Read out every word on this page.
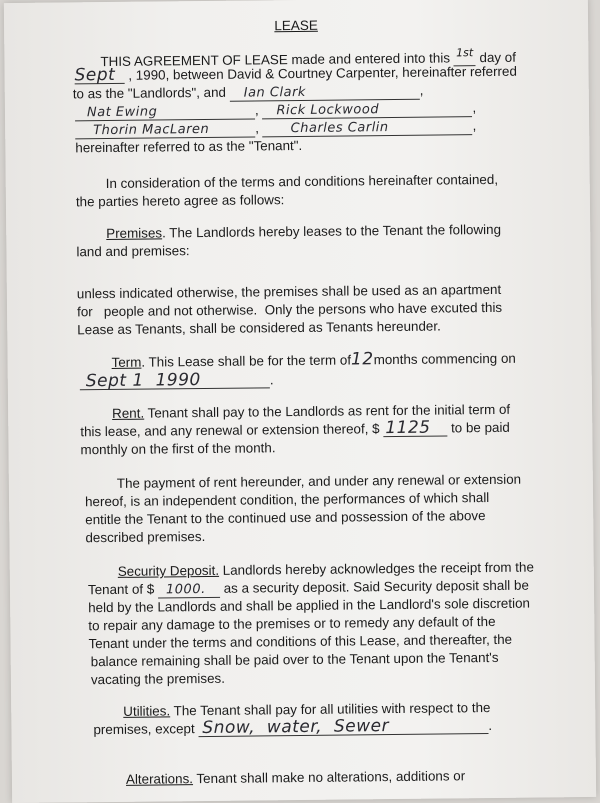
LEASE
THIS AGREEMENT OF LEASE made and entered into this $^{1st}$ day of
Sept , 1990, between David & Courtney Carpenter, hereinafter referred
to as the "Landlords", and Ian Clark	,
Nat Ewing	, Rick Lockwood	,
Thorin MacLaren	, Charles Carlin	,
hereinafter referred to as the "Tenant".
In consideration of the terms and conditions hereinafter contained,
the parties hereto agree as follows:
Premises. The Landlords hereby leases to the Tenant the following
land and premises:
unless indicated otherwise, the premises shall be used as an apartment
for   people and not otherwise.  Only the persons who have excuted this
Lease as Tenants, shall be considered as Tenants hereunder.
Term. This Lease shall be for the term of12months commencing on
Sept 1  1990	.
Rent. Tenant shall pay to the Landlords as rent for the initial term of
this lease, and any renewal or extension thereof, $ 1125 to be paid
monthly on the first of the month.
The payment of rent hereunder, and under any renewal or extension
hereof, is an independent condition, the performances of which shall
entitle the Tenant to the continued use and possession of the above
described premises.
Security Deposit. Landlords hereby acknowledges the receipt from the
Tenant of $ 1000. as a security deposit. Said Security deposit shall be
held by the Landlords and shall be applied in the Landlord's sole discretion
to repair any damage to the premises or to remedy any default of the
Tenant under the terms and conditions of this Lease, and thereafter, the
balance remaining shall be paid over to the Tenant upon the Tenant's
vacating the premises.
Utilities. The Tenant shall pay for all utilities with respect to the
premises, except Snow,  water,  Sewer	.
Alterations. Tenant shall make no alterations, additions or
